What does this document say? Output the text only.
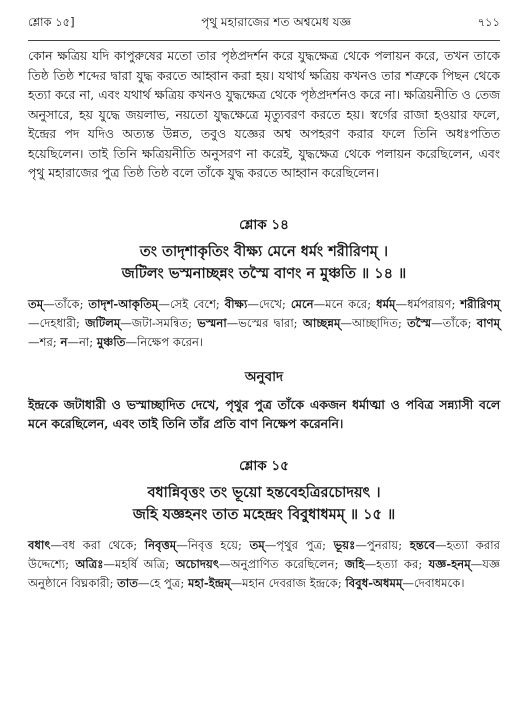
শ্লোক ১৫]	পৃথু মহারাজের শত অশ্বমেধ যজ্ঞ	৭১১

কোন ক্ষত্রিয় যদি কাপুরুষের মতো তার পৃষ্ঠপ্রদর্শন করে যুদ্ধক্ষেত্র থেকে পলায়ন করে, তখন তাকে তিষ্ঠ তিষ্ঠ শব্দের দ্বারা যুদ্ধ করতে আহ্বান করা হয়। যথার্থ ক্ষত্রিয় কখনও তার শত্রুকে পিছন থেকে হত্যা করে না, এবং যথার্থ ক্ষত্রিয় কখনও যুদ্ধক্ষেত্র থেকে পৃষ্ঠপ্রদর্শনও করে না। ক্ষত্রিয়নীতি ও তেজ অনুসারে, হয় যুদ্ধে জয়লাভ, নয়তো যুদ্ধক্ষেত্রে মৃত্যুবরণ করতে হয়। স্বর্গের রাজা হওয়ার ফলে, ইন্দ্রের পদ যদিও অত্যন্ত উন্নত, তবুও যজ্ঞের অশ্ব অপহরণ করার ফলে তিনি অধঃপতিত হয়েছিলেন। তাই তিনি ক্ষত্রিয়নীতি অনুসরণ না করেই, যুদ্ধক্ষেত্র থেকে পলায়ন করেছিলেন, এবং পৃথু মহারাজের পুত্র তিষ্ঠ তিষ্ঠ বলে তাঁকে যুদ্ধ করতে আহ্বান করেছিলেন।

শ্লোক ১৪
তং তাদৃশাকৃতিং বীক্ষ্য মেনে ধর্মং শরীরিণম্ ।
জটিলং ভস্মনাচ্ছন্নং তস্মৈ বাণং ন মুঞ্চতি ॥ ১৪ ॥
তম্—তাঁকে; তাদৃশ-আকৃতিম্—সেই বেশে; বীক্ষ্য—দেখে; মেনে—মনে করে; ধর্মম্—ধর্মপরায়ণ; শরীরিণম্—দেহধারী; জটিলম্—জটা-সমন্বিত; ভস্মনা—ভস্মের দ্বারা; আচ্ছন্নম্—আচ্ছাদিত; তস্মৈ—তাঁকে; বাণম্—শর; ন—না; মুঞ্চতি—নিক্ষেপ করেন।
অনুবাদ
ইন্দ্রকে জটাধারী ও ভস্মাচ্ছাদিত দেখে, পৃথুর পুত্র তাঁকে একজন ধর্মাত্মা ও পবিত্র সন্ন্যাসী বলে মনে করেছিলেন, এবং তাই তিনি তাঁর প্রতি বাণ নিক্ষেপ করেননি।
শ্লোক ১৫
বধান্নিবৃত্তং তং ভূয়ো হন্তবেহত্রিরচোদয়ৎ ।
জহি যজ্ঞহনং তাত মহেন্দ্রং বিবুধাধমম্ ॥ ১৫ ॥
বধাৎ—বধ করা থেকে; নিবৃত্তম্—নিবৃত্ত হয়ে; তম্—পৃথুর পুত্র; ভূয়ঃ—পুনরায়; হন্তবে—হত্যা করার উদ্দেশ্যে; অত্রিঃ—মহর্ষি অত্রি; অচোদয়ৎ—অনুপ্রাণিত করেছিলেন; জহি—হত্যা কর; যজ্ঞ-হনম্—যজ্ঞ অনুষ্ঠানে বিঘ্নকারী; তাত—হে পুত্র; মহা-ইন্দ্রম্—মহান দেবরাজ ইন্দ্রকে; বিবুধ-অধমম্—দেবাধমকে।
